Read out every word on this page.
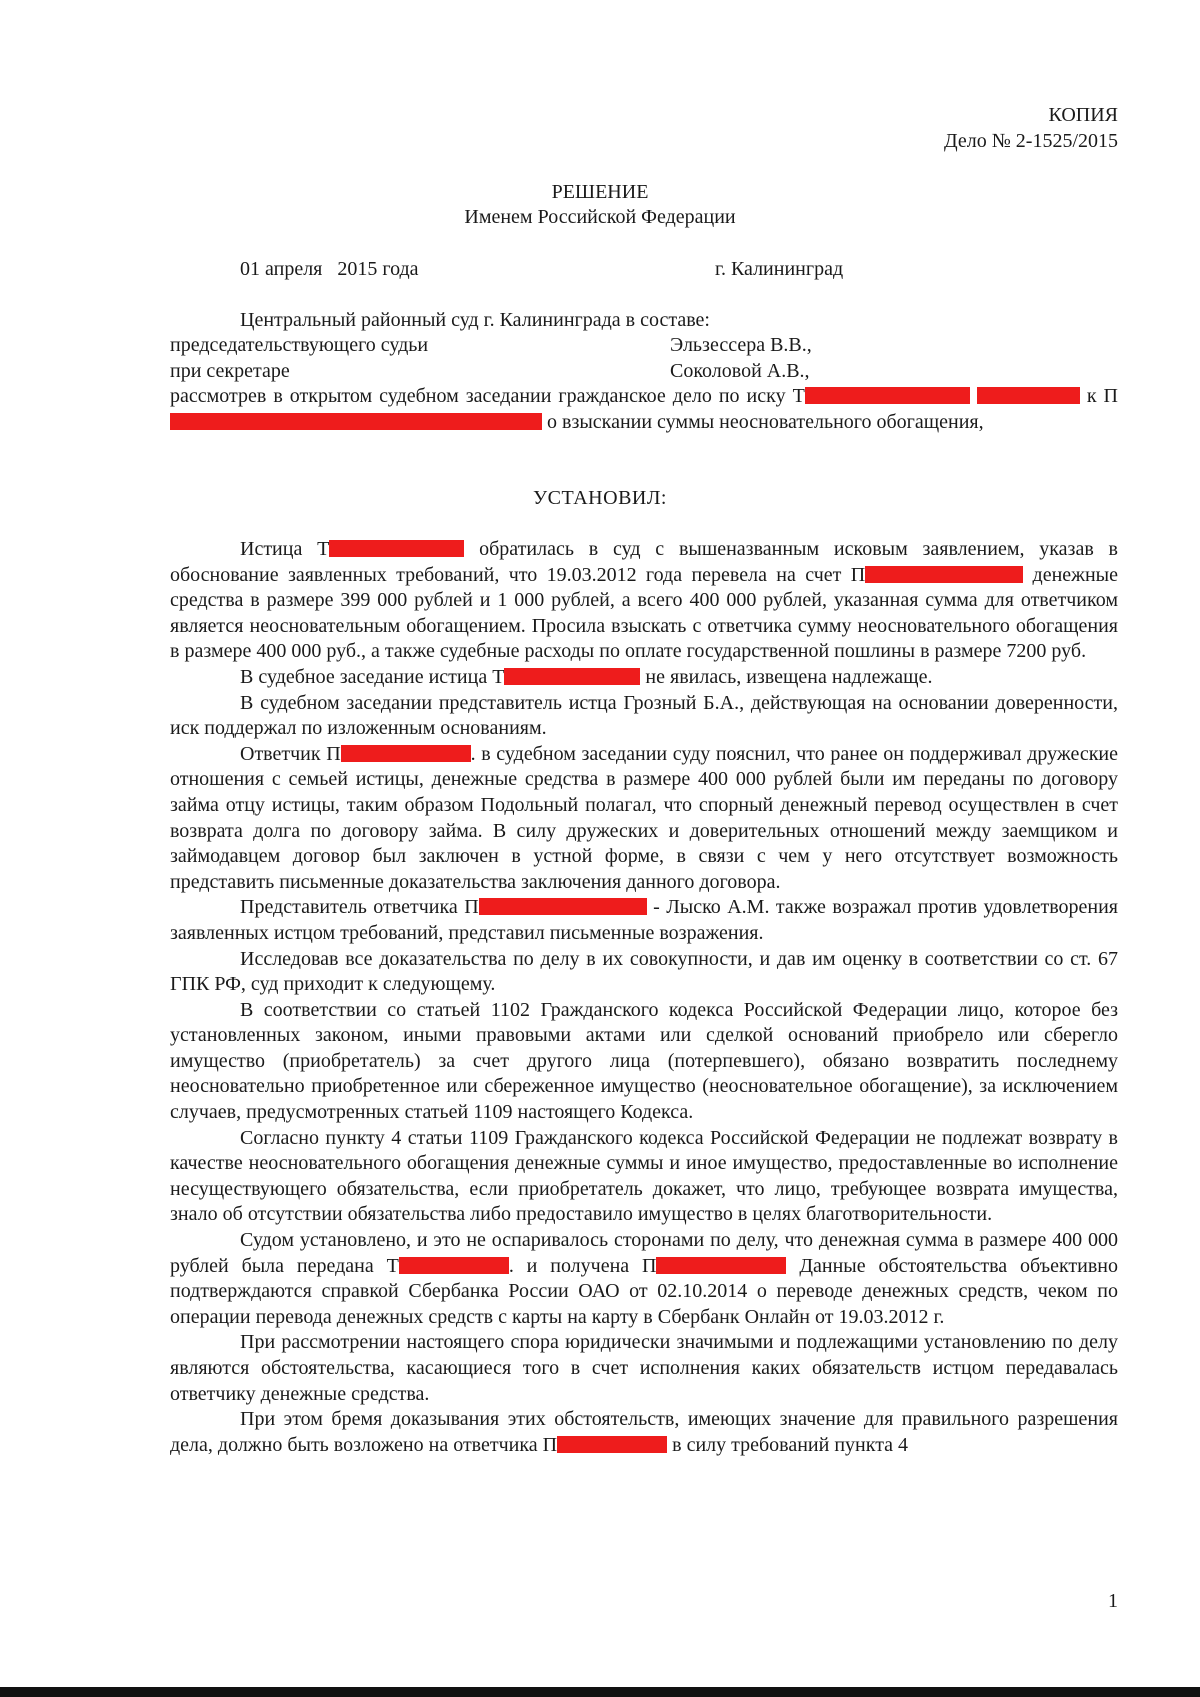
КОПИЯ
Дело № 2-1525/2015
РЕШЕНИЕ
Именем Российской Федерации
01 апреля   2015 года	г. Калининград
Центральный районный суд г. Калининграда в составе:
председательствующего судьи	Эльзессера В.В.,
при секретаре	Соколовой А.В.,
рассмотрев в открытом судебном заседании гражданское дело по иску Т	к П о взыскании суммы неосновательного обогащения,
УСТАНОВИЛ:

Истица Т	обратилась в суд с вышеназванным исковым заявлением, указав в обоснование заявленных требований, что 19.03.2012 года перевела на счет П	денежные средства в размере 399 000 рублей и 1 000 рублей, а всего 400 000 рублей, указанная сумма для ответчиком является неосновательным обогащением. Просила взыскать с ответчика сумму неосновательного обогащения в размере 400 000 руб., а также судебные расходы по оплате государственной пошлины в размере 7200 руб.

В судебное заседание истица Т	не явилась, извещена надлежаще.

В судебном заседании представитель истца Грозный Б.А., действующая на основании доверенности, иск поддержал по изложенным основаниям.

Ответчик П	. в судебном заседании суду пояснил, что ранее он поддерживал дружеские отношения с семьей истицы, денежные средства в размере 400 000 рублей были им переданы по договору займа отцу истицы, таким образом Подольный полагал, что спорный денежный перевод осуществлен в счет возврата долга по договору займа. В силу дружеских и доверительных отношений между заемщиком и займодавцем договор был заключен в устной форме, в связи с чем у него отсутствует возможность представить письменные доказательства заключения данного договора.

Представитель ответчика П	- Лыско А.М. также возражал против удовлетворения заявленных истцом требований, представил письменные возражения.

Исследовав все доказательства по делу в их совокупности, и дав им оценку в соответствии со ст. 67 ГПК РФ, суд приходит к следующему.

В соответствии со статьей 1102 Гражданского кодекса Российской Федерации лицо, которое без установленных законом, иными правовыми актами или сделкой оснований приобрело или сберегло имущество (приобретатель) за счет другого лица (потерпевшего), обязано возвратить последнему неосновательно приобретенное или сбереженное имущество (неосновательное обогащение), за исключением случаев, предусмотренных статьей 1109 настоящего Кодекса.

Согласно пункту 4 статьи 1109 Гражданского кодекса Российской Федерации не подлежат возврату в качестве неосновательного обогащения денежные суммы и иное имущество, предоставленные во исполнение несуществующего обязательства, если приобретатель докажет, что лицо, требующее возврата имущества, знало об отсутствии обязательства либо предоставило имущество в целях благотворительности.

Судом установлено, и это не оспаривалось сторонами по делу, что денежная сумма в размере 400 000 рублей была передана Т	. и получена П	Данные обстоятельства объективно подтверждаются справкой Сбербанка России ОАО от 02.10.2014 о переводе денежных средств, чеком по операции перевода денежных средств с карты на карту в Сбербанк Онлайн от 19.03.2012 г.

При рассмотрении настоящего спора юридически значимыми и подлежащими установлению по делу являются обстоятельства, касающиеся того в счет исполнения каких обязательств истцом передавалась ответчику денежные средства.

При этом бремя доказывания этих обстоятельств, имеющих значение для правильного разрешения дела, должно быть возложено на ответчика П	в силу требований пункта 4

1
